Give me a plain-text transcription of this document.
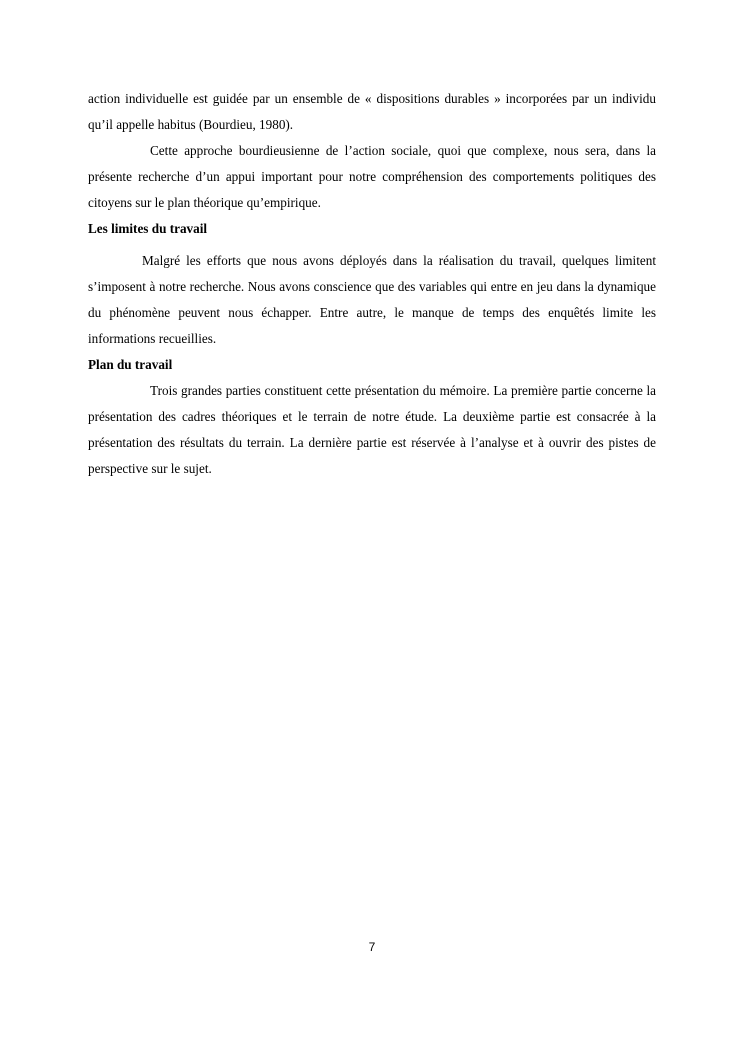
action individuelle est guidée par un ensemble de « dispositions durables » incorporées par un individu qu’il appelle habitus (Bourdieu, 1980).

Cette approche bourdieusienne de l’action sociale, quoi que complexe, nous sera, dans la présente recherche d’un appui important pour notre compréhension des comportements politiques des citoyens sur le plan théorique qu’empirique.

Les limites du travail

Malgré les efforts que nous avons déployés dans la réalisation du travail, quelques limitent s’imposent à notre recherche. Nous avons conscience que des variables qui entre en jeu dans la dynamique du phénomène peuvent nous échapper. Entre autre, le manque de temps des enquêtés limite les informations recueillies.

Plan du travail

Trois grandes parties constituent cette présentation du mémoire. La première partie concerne la présentation des cadres théoriques et le terrain de notre étude. La deuxième partie est consacrée à la présentation des résultats du terrain. La dernière partie est réservée à l’analyse et à ouvrir des pistes de perspective sur le sujet.

7
